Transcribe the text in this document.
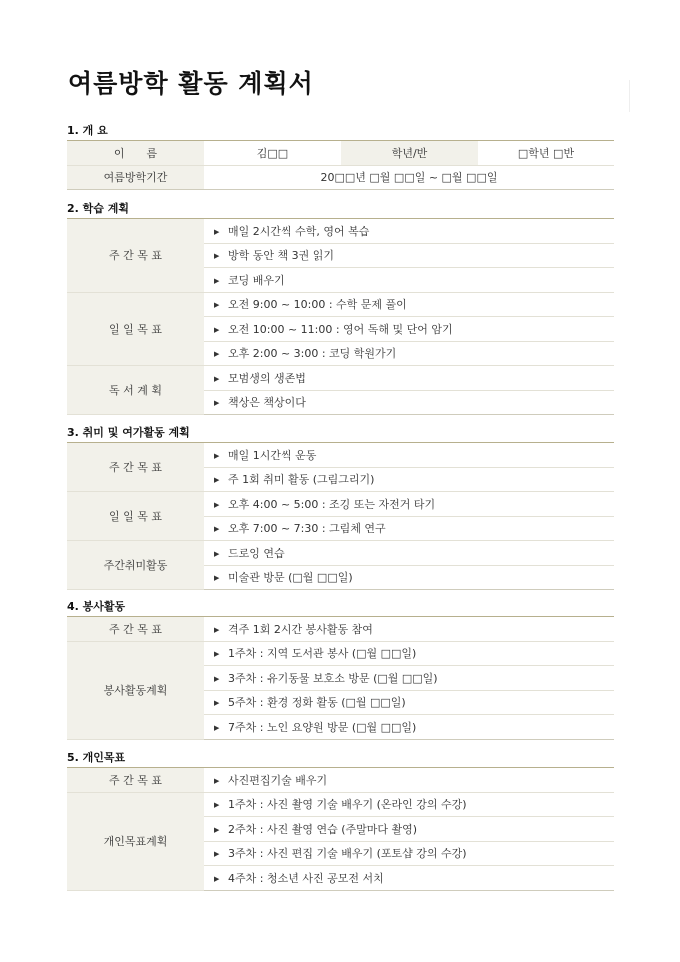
여름방학 활동 계획서
1. 개 요
이　　름	김□□	학년/반	□학년 □반
여름방학기간	20□□년 □월 □□일 ~ □월 □□일		
2. 학습 계획
주 간 목 표	▶ 매일 2시간씩 수학, 영어 복습
	▶ 방학 동안 책 3권 읽기
	▶ 코딩 배우기
일 일 목 표	▶ 오전 9:00 ~ 10:00 : 수학 문제 풀이
	▶ 오전 10:00 ~ 11:00 : 영어 독해 및 단어 암기
	▶ 오후 2:00 ~ 3:00 : 코딩 학원가기
독 서 계 획	▶ 모범생의 생존법
	▶ 책상은 책상이다
3. 취미 및 여가활동 계획
주 간 목 표	▶ 매일 1시간씩 운동
	▶ 주 1회 취미 활동 (그림그리기)
일 일 목 표	▶ 오후 4:00 ~ 5:00 : 조깅 또는 자전거 타기
	▶ 오후 7:00 ~ 7:30 : 그림체 연구
주간취미활동	▶ 드로잉 연습
	▶ 미술관 방문 (□월 □□일)
4. 봉사활동
주 간 목 표	▶ 격주 1회 2시간 봉사활동 참여
봉사활동계획	▶ 1주차 : 지역 도서관 봉사 (□월 □□일)
	▶ 3주차 : 유기동물 보호소 방문 (□월 □□일)
	▶ 5주차 : 환경 정화 활동 (□월 □□일)
	▶ 7주차 : 노인 요양원 방문 (□월 □□일)
5. 개인목표
주 간 목 표	▶ 사진편집기술 배우기
개인목표계획	▶ 1주차 : 사진 촬영 기술 배우기 (온라인 강의 수강)
	▶ 2주차 : 사진 촬영 연습 (주말마다 촬영)
	▶ 3주차 : 사진 편집 기술 배우기 (포토샵 강의 수강)
	▶ 4주차 : 청소년 사진 공모전 서치
